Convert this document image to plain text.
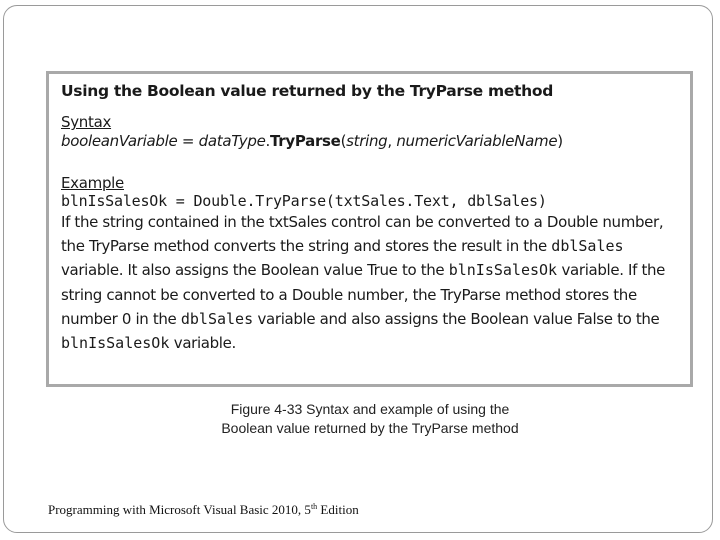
Using the Boolean value returned by the TryParse method

Syntax

booleanVariable = dataType.TryParse(string, numericVariableName)

Example

blnIsSalesOk = Double.TryParse(txtSales.Text, dblSales)

If the string contained in the txtSales control can be converted to a Double number, the TryParse method converts the string and stores the result in the dblSales variable. It also assigns the Boolean value True to the blnIsSalesOk variable. If the string cannot be converted to a Double number, the TryParse method stores the number 0 in the dblSales variable and also assigns the Boolean value False to the blnIsSalesOk variable.

Figure 4-33 Syntax and example of using the
Boolean value returned by the TryParse method
Programming with Microsoft Visual Basic 2010, 5th Edition
